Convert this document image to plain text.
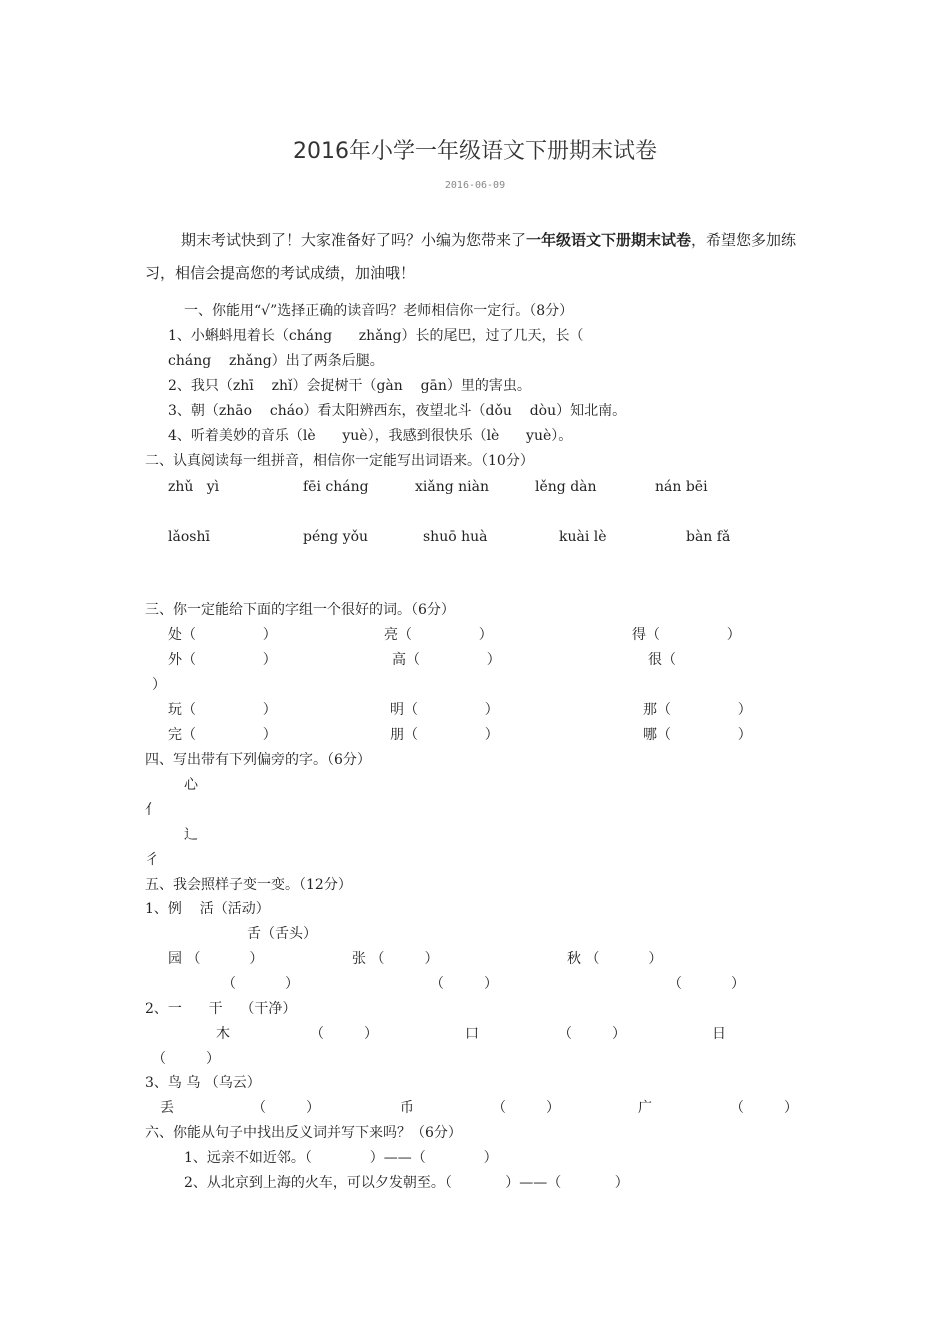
2016年小学一年级语文下册期末试卷
2016-06-09
期末考试快到了！大家准备好了吗？小编为您带来了一年级语文下册期末试卷，希望您多加练习，相信会提高您的考试成绩，加油哦！
一、你能用“√”选择正确的读音吗？老师相信你一定行。（8分）
1、小蝌蚪甩着长（cháng      zhǎng）长的尾巴，过了几天，长（
cháng    zhǎng）出了两条后腿。
2、我只（zhī    zhǐ）会捉树干（gàn    gān）里的害虫。
3、朝（zhāo    cháo）看太阳辨西东，夜望北斗（dǒu    dòu）知北南。
4、听着美妙的音乐（lè      yuè），我感到很快乐（lè      yuè）。
二、认真阅读每一组拼音，相信你一定能写出词语来。（10分）
zhǔ   yì	fēi cháng	xiǎng niàn	lěng dàn	nán bēi
lǎoshī	péng yǒu	shuō huà	kuài lè	bàn fǎ
三、你一定能给下面的字组一个很好的词。（6分）
处（               ）	亮（               ）	得（               ）
外（               ）	高（               ）	很（
）
玩（               ）	明（               ）	那（               ）
完（               ）	朋（               ）	哪（               ）
四、写出带有下列偏旁的字。（6分）
心
亻
辶
彳
五、我会照样子变一变。（12分）
1、例    活（活动）
舌（舌头）
园 （           ）	张 （         ）	秋 （           ）
（           ）	（         ）	（           ）
2、一      干    （干净）
木	（         ）	口	（         ）	日
（         ）
3、鸟 乌 （乌云）
丢	（         ）	币	（         ）	广	（         ）
六、你能从句子中找出反义词并写下来吗？（6分）
1、远亲不如近邻。（             ）——（             ）
2、从北京到上海的火车，可以夕发朝至。（            ）——（            ）
